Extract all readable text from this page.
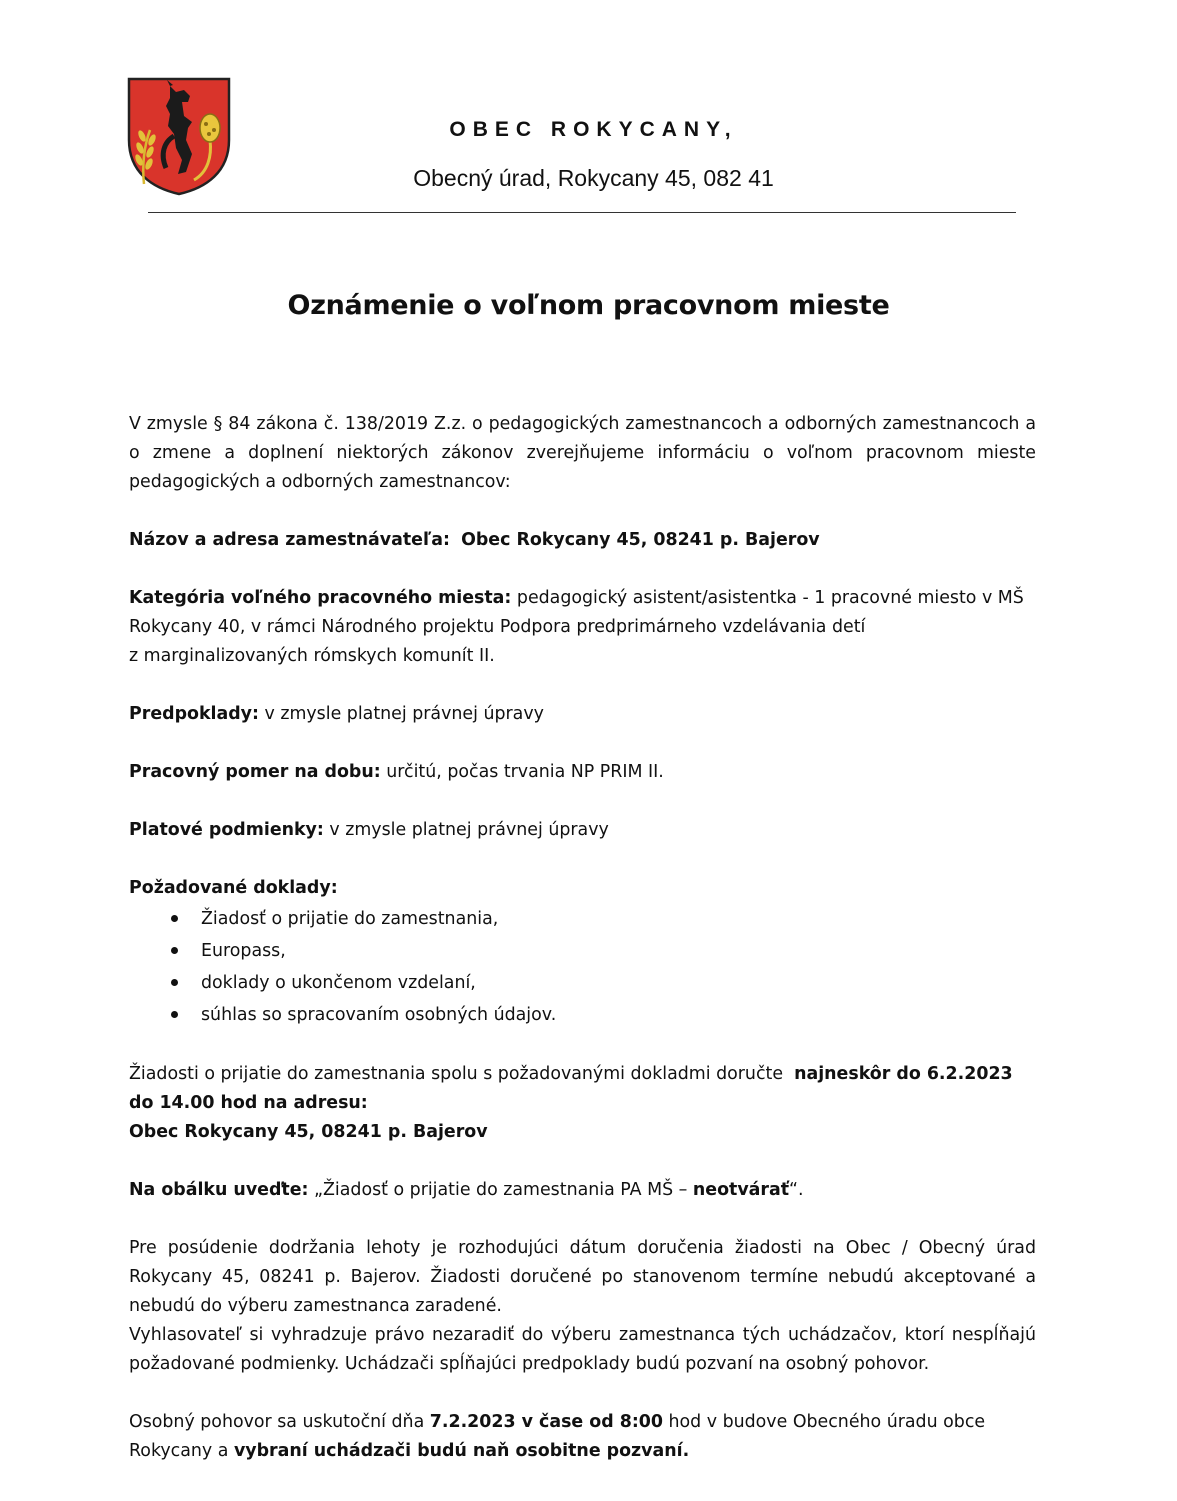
OBEC ROKYCANY,
Obecný úrad, Rokycany 45, 082 41
Oznámenie o voľnom pracovnom mieste

V zmysle § 84 zákona č. 138/2019 Z.z. o pedagogických zamestnancoch a odborných zamestnancoch a o zmene a doplnení niektorých zákonov zverejňujeme informáciu o voľnom pracovnom mieste pedagogických a odborných zamestnancov:

Názov a adresa zamestnávateľa: Obec Rokycany 45, 08241 p. Bajerov

Kategória voľného pracovného miesta: pedagogický asistent/asistentka - 1 pracovné miesto v MŠ
Rokycany 40, v rámci Národného projektu Podpora predprimárneho vzdelávania detí
z marginalizovaných rómskych komunít II.

Predpoklady: v zmysle platnej právnej úpravy

Pracovný pomer na dobu: určitú, počas trvania NP PRIM II.

Platové podmienky: v zmysle platnej právnej úpravy

Požadované doklady:

Žiadosť o prijatie do zamestnania,
Europass,
doklady o ukončenom vzdelaní,
súhlas so spracovaním osobných údajov.

Žiadosti o prijatie do zamestnania spolu s požadovanými dokladmi doručte najneskôr do 6.2.2023
do 14.00 hod na adresu:
Obec Rokycany 45, 08241 p. Bajerov

Na obálku uveďte: „Žiadosť o prijatie do zamestnania PA MŠ – neotvárať“.

Pre posúdenie dodržania lehoty je rozhodujúci dátum doručenia žiadosti na Obec / Obecný úrad Rokycany 45, 08241 p. Bajerov. Žiadosti doručené po stanovenom termíne nebudú akceptované a nebudú do výberu zamestnanca zaradené.

Vyhlasovateľ si vyhradzuje právo nezaradiť do výberu zamestnanca tých uchádzačov, ktorí nespĺňajú požadované podmienky. Uchádzači spĺňajúci predpoklady budú pozvaní na osobný pohovor.

Osobný pohovor sa uskutoční dňa 7.2.2023 v čase od 8:00 hod v budove Obecného úradu obce
Rokycany a vybraní uchádzači budú naň osobitne pozvaní.
